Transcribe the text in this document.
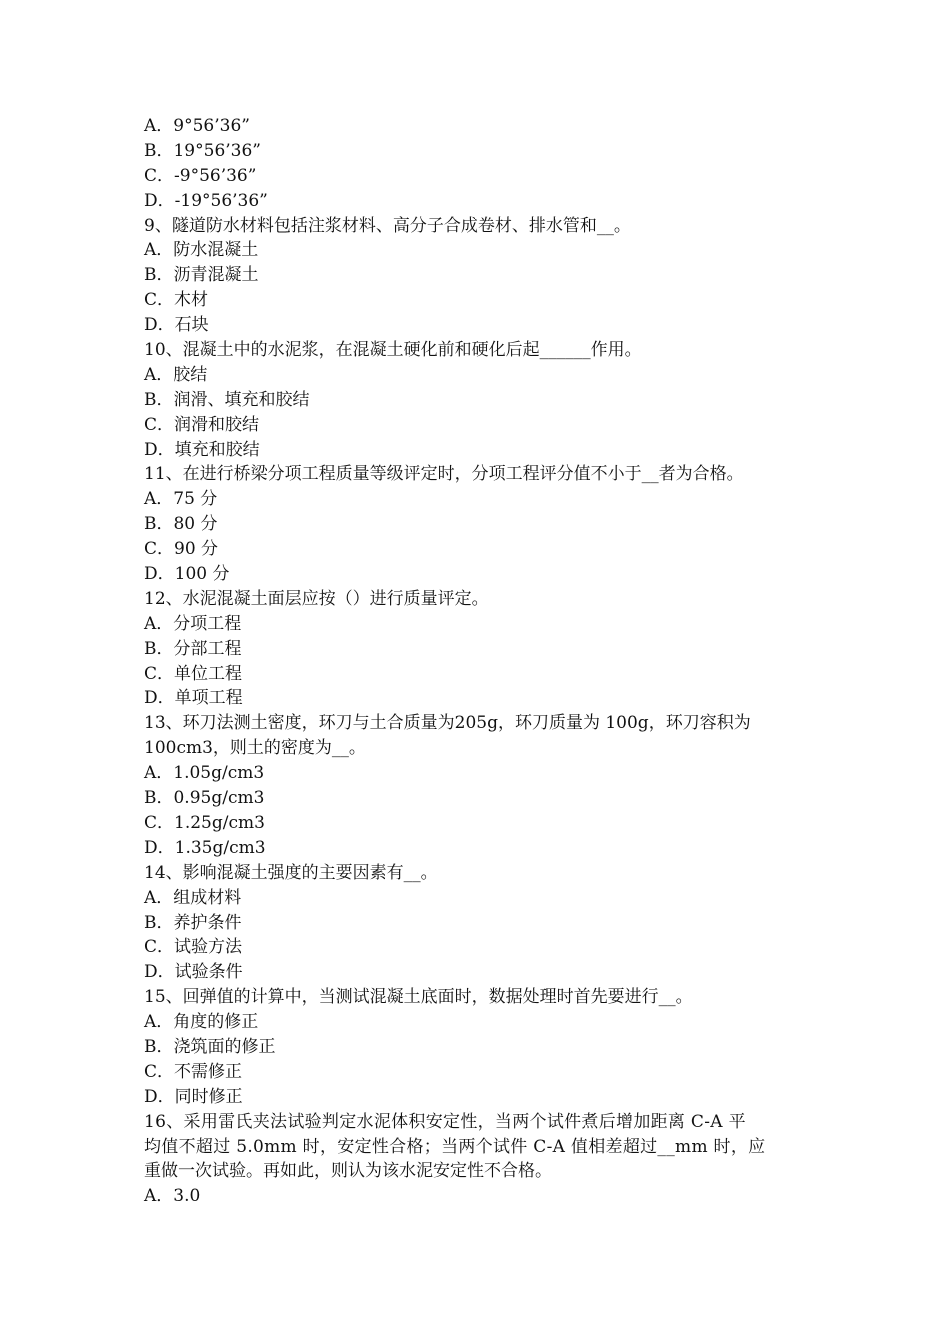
A．9°56’36”
B．19°56’36”
C．-9°56’36”
D．-19°56’36”
9、隧道防水材料包括注浆材料、高分子合成卷材、排水管和__。
A．防水混凝土
B．沥青混凝土
C．木材
D．石块
10、混凝土中的水泥浆，在混凝土硬化前和硬化后起______作用。
A．胶结
B．润滑、填充和胶结
C．润滑和胶结
D．填充和胶结
11、在进行桥梁分项工程质量等级评定时，分项工程评分值不小于__者为合格。
A．75 分
B．80 分
C．90 分
D．100 分
12、水泥混凝土面层应按（）进行质量评定。
A．分项工程
B．分部工程
C．单位工程
D．单项工程
13、环刀法测土密度，环刀与土合质量为205g，环刀质量为 100g，环刀容积为
100cm3，则土的密度为__。
A．1.05g/cm3
B．0.95g/cm3
C．1.25g/cm3
D．1.35g/cm3
14、影响混凝土强度的主要因素有__。
A．组成材料
B．养护条件
C．试验方法
D．试验条件
15、回弹值的计算中，当测试混凝土底面时，数据处理时首先要进行__。
A．角度的修正
B．浇筑面的修正
C．不需修正
D．同时修正
16、采用雷氏夹法试验判定水泥体积安定性，当两个试件煮后增加距离 C-A 平
均值不超过 5.0mm 时，安定性合格；当两个试件 C-A 值相差超过__mm 时，应
重做一次试验。再如此，则认为该水泥安定性不合格。
A．3.0
